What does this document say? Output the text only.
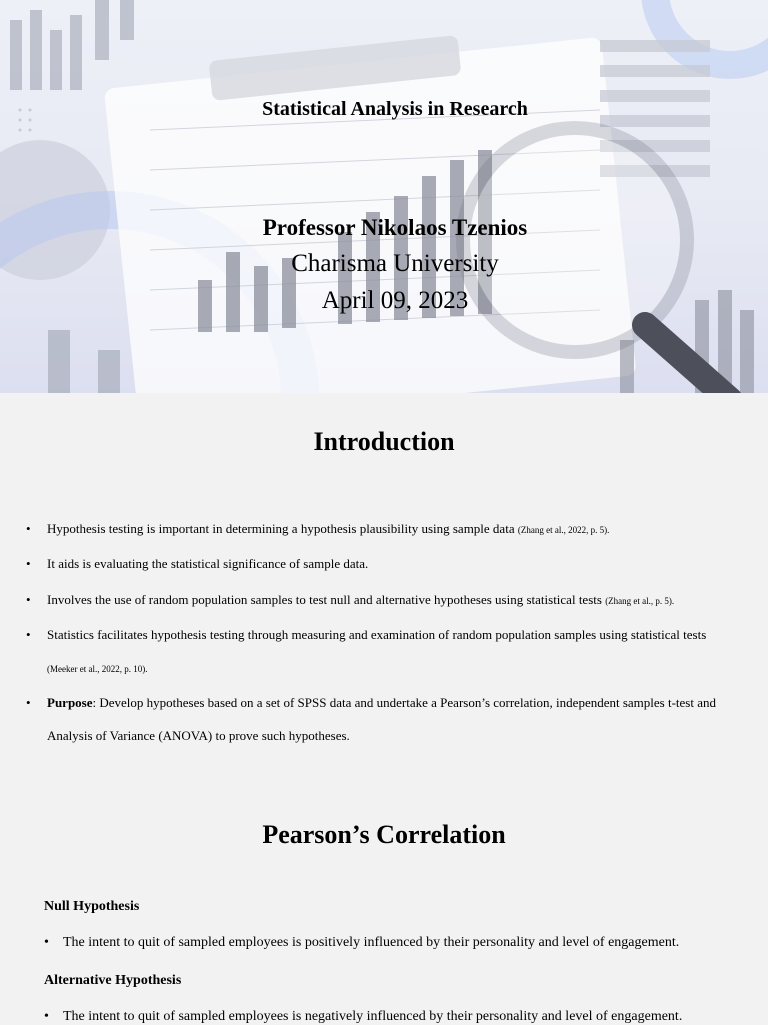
Statistical Analysis in Research
Professor Nikolaos Tzenios
Charisma University
April 09, 2023
Introduction
• Hypothesis testing is important in determining a hypothesis plausibility using sample data (Zhang et al., 2022, p. 5).
• It aids is evaluating the statistical significance of sample data.
• Involves the use of random population samples to test null and alternative hypotheses using statistical tests (Zhang et al., p. 5).
• Statistics facilitates hypothesis testing through measuring and examination of random population samples using statistical tests
(Meeker et al., 2022, p. 10).
• Purpose: Develop hypotheses based on a set of SPSS data and undertake a Pearson’s correlation, independent samples t-test and Analysis of Variance (ANOVA) to prove such hypotheses.
Pearson’s Correlation
Null Hypothesis
• The intent to quit of sampled employees is positively influenced by their personality and level of engagement.
Alternative Hypothesis
• The intent to quit of sampled employees is negatively influenced by their personality and level of engagement.
